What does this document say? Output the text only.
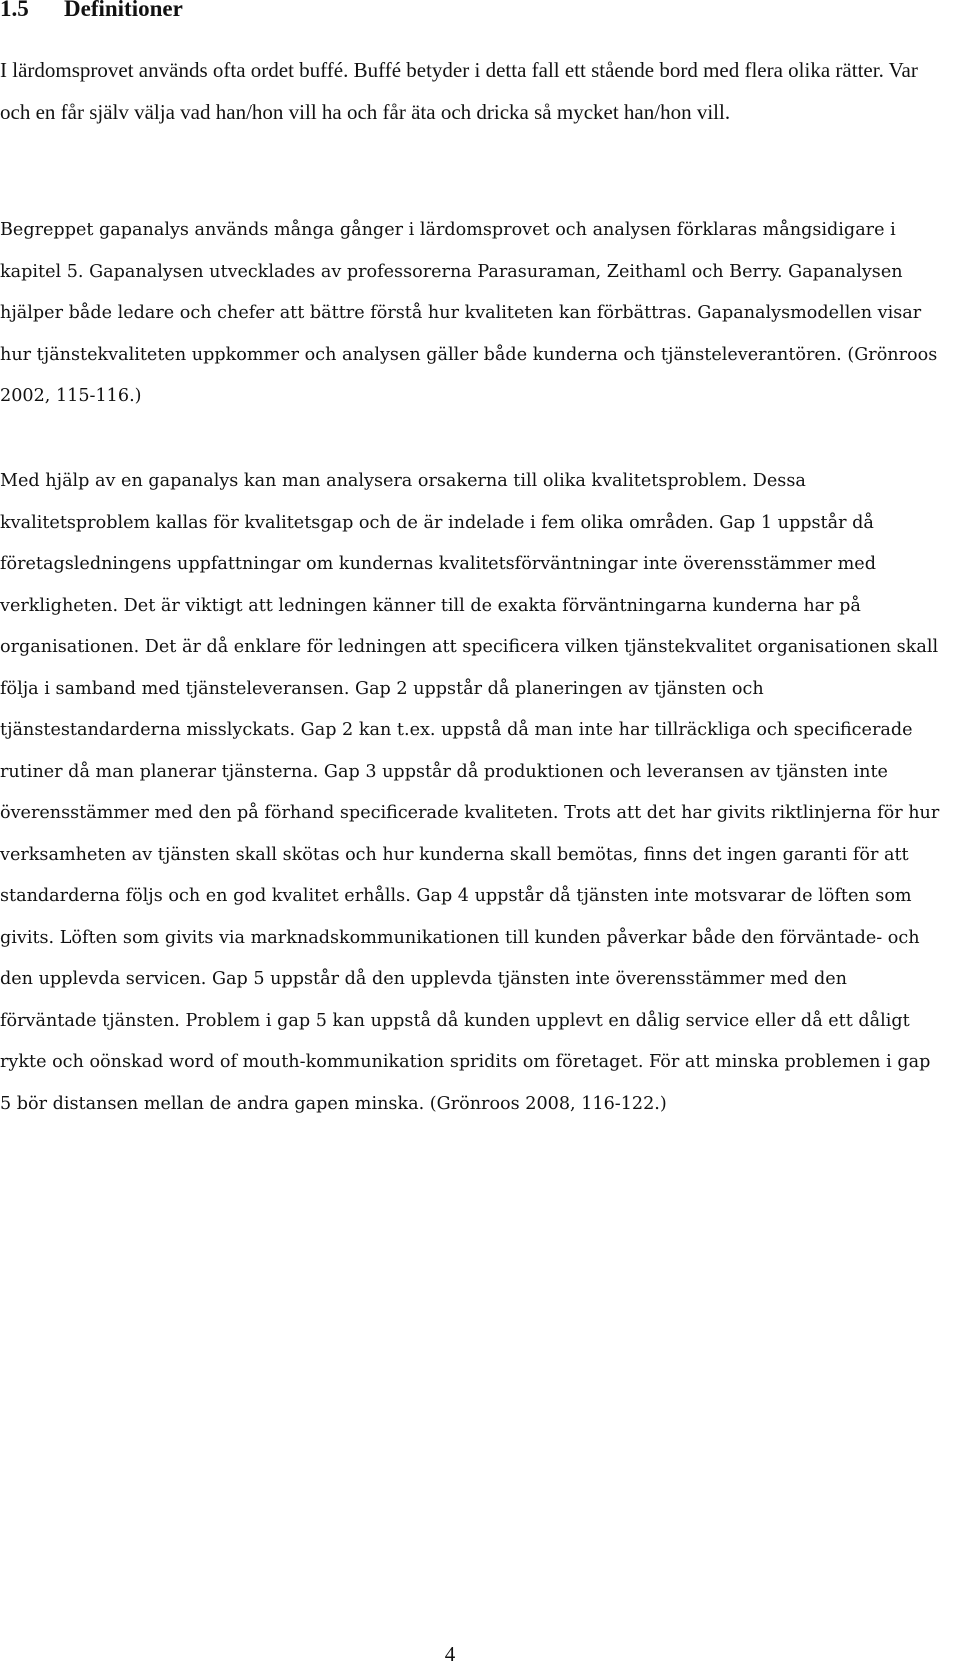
1.5 Definitioner

I lärdomsprovet används ofta ordet buffé. Buffé betyder i detta fall ett stående bord med flera olika rätter. Var och en får själv välja vad han/hon vill ha och får äta och dricka så mycket han/hon vill.

Begreppet gapanalys används många gånger i lärdomsprovet och analysen förklaras mångsidigare i kapitel 5. Gapanalysen utvecklades av professorerna Parasuraman, Zeithaml och Berry. Gapanalysen hjälper både ledare och chefer att bättre förstå hur kvaliteten kan förbättras. Gapanalysmodellen visar hur tjänstekvaliteten uppkommer och analysen gäller både kunderna och tjänsteleverantören. (Grönroos 2002, 115-116.)

Med hjälp av en gapanalys kan man analysera orsakerna till olika kvalitetsproblem. Dessa kvalitetsproblem kallas för kvalitetsgap och de är indelade i fem olika områden. Gap 1 uppstår då företagsledningens uppfattningar om kundernas kvalitetsförväntningar inte överensstämmer med verkligheten. Det är viktigt att ledningen känner till de exakta förväntningarna kunderna har på organisationen. Det är då enklare för ledningen att specificera vilken tjänstekvalitet organisationen skall följa i samband med tjänsteleveransen. Gap 2 uppstår då planeringen av tjänsten och tjänstestandarderna misslyckats. Gap 2 kan t.ex. uppstå då man inte har tillräckliga och specificerade rutiner då man planerar tjänsterna. Gap 3 uppstår då produktionen och leveransen av tjänsten inte överensstämmer med den på förhand specificerade kvaliteten. Trots att det har givits riktlinjerna för hur verksamheten av tjänsten skall skötas och hur kunderna skall bemötas, finns det ingen garanti för att standarderna följs och en god kvalitet erhålls. Gap 4 uppstår då tjänsten inte motsvarar de löften som givits. Löften som givits via marknadskommunikationen till kunden påverkar både den förväntade- och den upplevda servicen. Gap 5 uppstår då den upplevda tjänsten inte överensstämmer med den förväntade tjänsten. Problem i gap 5 kan uppstå då kunden upplevt en dålig service eller då ett dåligt rykte och oönskad word of mouth-kommunikation spridits om företaget. För att minska problemen i gap 5 bör distansen mellan de andra gapen minska. (Grönroos 2008, 116-122.)

4
